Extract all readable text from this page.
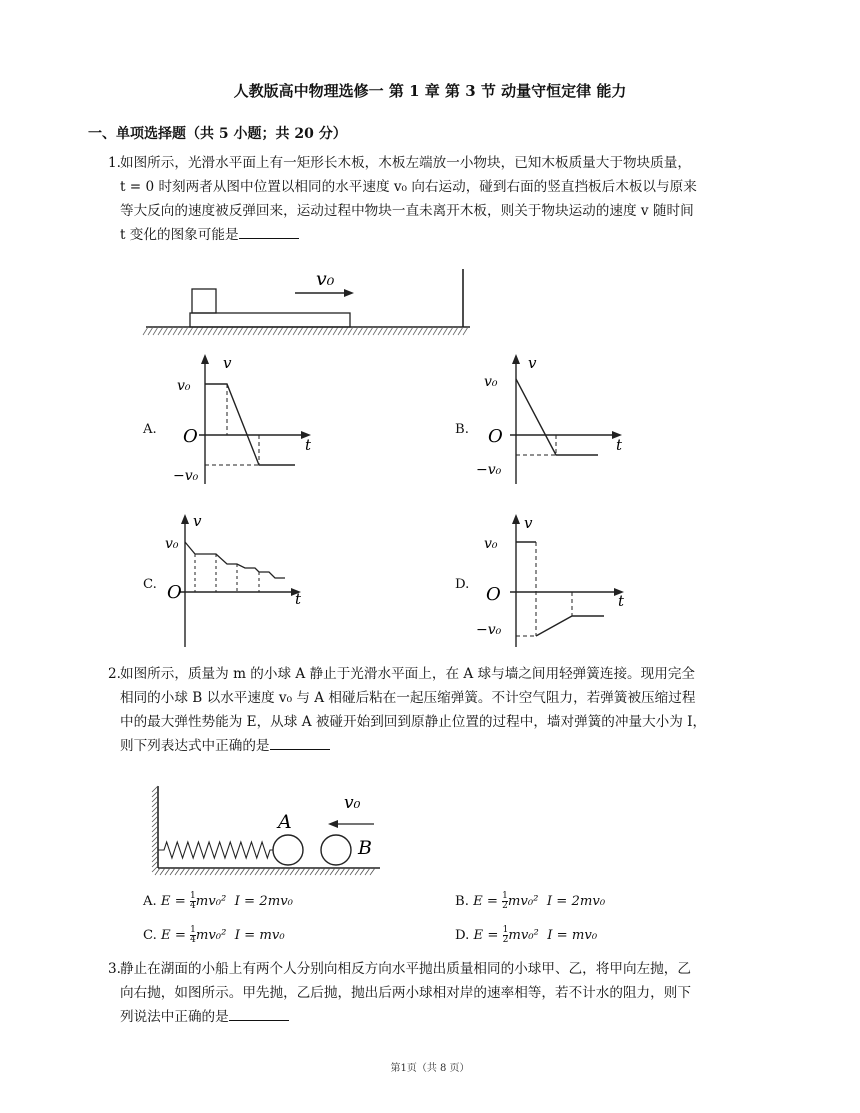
人教版高中物理选修一 第 1 章 第 3 节 动量守恒定律 能力
一、单项选择题（共 5 小题；共 20 分）
1. 如图所示，光滑水平面上有一矩形长木板，木板左端放一小物块，已知木板质量大于物块质量，
t = 0 时刻两者从图中位置以相同的水平速度 v₀ 向右运动，碰到右面的竖直挡板后木板以与原来
等大反向的速度被反弹回来，运动过程中物块一直未离开木板，则关于物块运动的速度 v 随时间
t 变化的图象可能是
v₀
A.
v
t
O
v₀
−v₀
B.
v
t
O
v₀
−v₀
C.
v
t
O
v₀
D.
v
t
O
v₀
−v₀
2. 如图所示，质量为 m 的小球 A 静止于光滑水平面上，在 A 球与墙之间用轻弹簧连接。现用完全
相同的小球 B 以水平速度 v₀ 与 A 相碰后粘在一起压缩弹簧。不计空气阻力，若弹簧被压缩过程
中的最大弹性势能为 E，从球 A 被碰开始到回到原静止位置的过程中，墙对弹簧的冲量大小为 I，
则下列表达式中正确的是
A
B
v₀
A. $E = \frac{1}{4} mv_0^2$ I = 2mv₀	B. $E = \frac{1}{2} mv_0^2$ I = 2mv₀
C. $E = \frac{1}{4} mv_0^2$ I = mv₀	D. $E = \frac{1}{2} mv_0^2$ I = mv₀
3. 静止在湖面的小船上有两个人分别向相反方向水平抛出质量相同的小球甲、乙，将甲向左抛，乙
向右抛，如图所示。甲先抛，乙后抛，抛出后两小球相对岸的速率相等，若不计水的阻力，则下
列说法中正确的是
第1页（共 8 页）
